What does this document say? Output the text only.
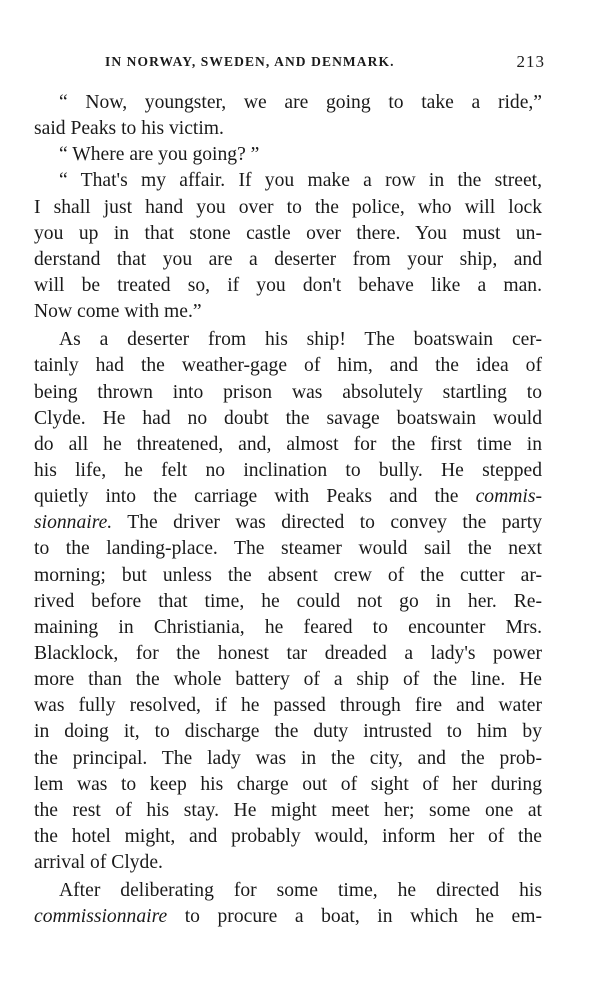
IN NORWAY, SWEDEN, AND DENMARK.	213
“ Now, youngster, we are going to take a ride,”
said Peaks to his victim.
“ Where are you going? ”
“ That's my affair. If you make a row in the street,
I shall just hand you over to the police, who will lock
you up in that stone castle over there. You must un-
derstand that you are a deserter from your ship, and
will be treated so, if you don't behave like a man.
Now come with me.”
As a deserter from his ship! The boatswain cer-
tainly had the weather-gage of him, and the idea of
being thrown into prison was absolutely startling to
Clyde. He had no doubt the savage boatswain would
do all he threatened, and, almost for the first time in
his life, he felt no inclination to bully. He stepped
quietly into the carriage with Peaks and the commis-
sionnaire. The driver was directed to convey the party
to the landing-place. The steamer would sail the next
morning; but unless the absent crew of the cutter ar-
rived before that time, he could not go in her. Re-
maining in Christiania, he feared to encounter Mrs.
Blacklock, for the honest tar dreaded a lady's power
more than the whole battery of a ship of the line. He
was fully resolved, if he passed through fire and water
in doing it, to discharge the duty intrusted to him by
the principal. The lady was in the city, and the prob-
lem was to keep his charge out of sight of her during
the rest of his stay. He might meet her; some one at
the hotel might, and probably would, inform her of the
arrival of Clyde.
After deliberating for some time, he directed his
commissionnaire to procure a boat, in which he em-
